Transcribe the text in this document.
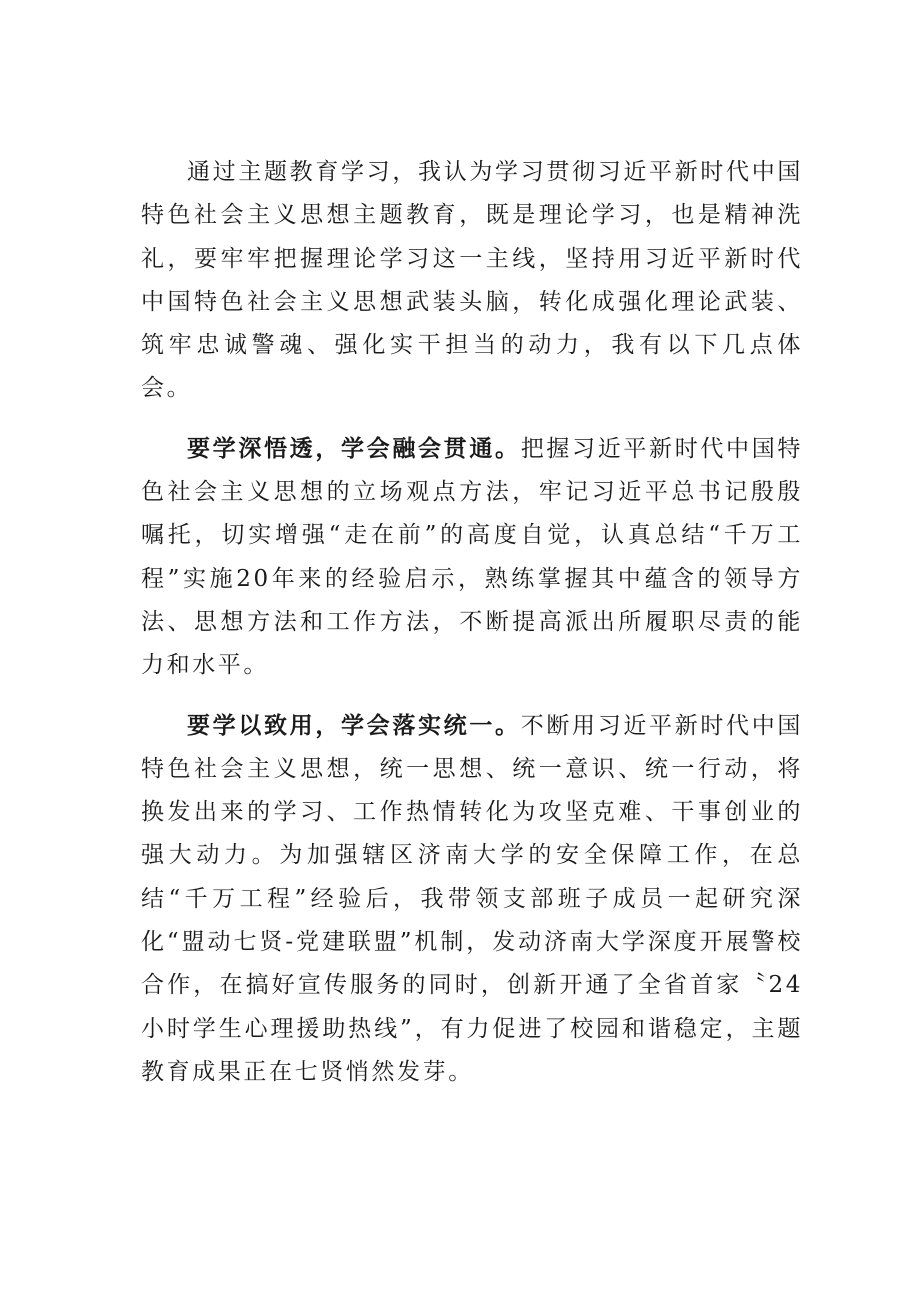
通过主题教育学习，我认为学习贯彻习近平新时代中国特色社会主义思想主题教育，既是理论学习，也是精神洗礼，要牢牢把握理论学习这一主线，坚持用习近平新时代中国特色社会主义思想武装头脑，转化成强化理论武装、筑牢忠诚警魂、强化实干担当的动力，我有以下几点体会。

要学深悟透，学会融会贯通。把握习近平新时代中国特色社会主义思想的立场观点方法，牢记习近平总书记殷殷嘱托，切实增强“走在前”的高度自觉，认真总结“千万工程”实施20年来的经验启示，熟练掌握其中蕴含的领导方法、思想方法和工作方法，不断提高派出所履职尽责的能力和水平。

要学以致用，学会落实统一。不断用习近平新时代中国特色社会主义思想，统一思想、统一意识、统一行动，将换发出来的学习、工作热情转化为攻坚克难、干事创业的强大动力。为加强辖区济南大学的安全保障工作，在总结“千万工程”经验后，我带领支部班子成员一起研究深化“盟动七贤-党建联盟”机制，发动济南大学深度开展警校合作，在搞好宣传服务的同时，创新开通了全省首家〝24小时学生心理援助热线”，有力促进了校园和谐稳定，主题教育成果正在七贤悄然发芽。
